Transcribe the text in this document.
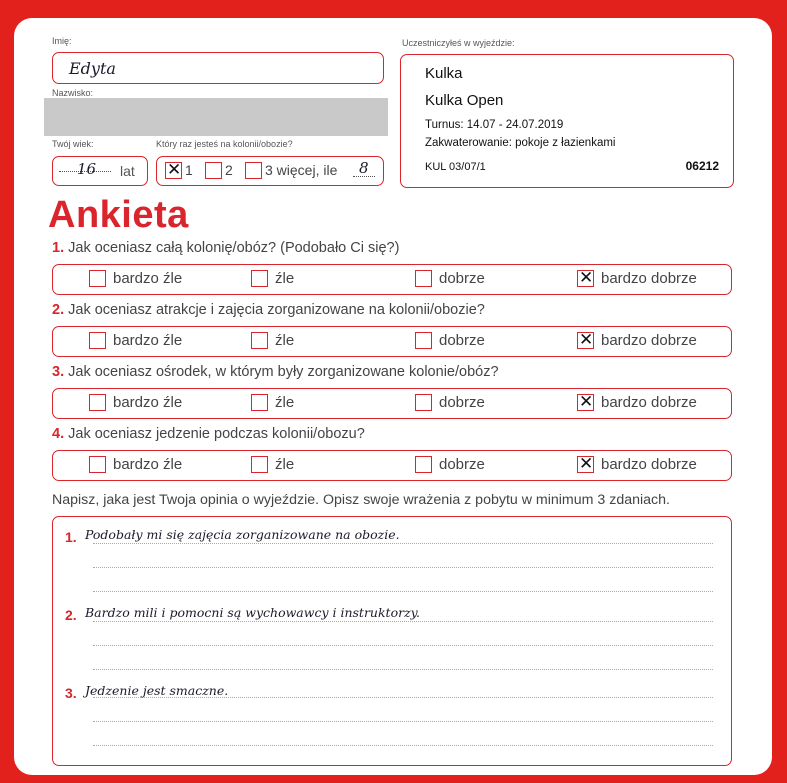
Imię:
Edyta
Nazwisko:
Twój wiek:
16 lat
Który raz jesteś na kolonii/obozie?
✕
1 2 3 więcej, ile 8
Uczestniczyłeś w wyjeździe:
Kulka
Kulka Open
Turnus: 14.07 - 24.07.2019
Zakwaterowanie: pokoje z łazienkami
KUL 03/07/1	06212
Ankieta
1. Jak oceniasz całą kolonię/obóz? (Podobało Ci się?)
bardzo źle	źle	dobrze ✕	bardzo dobrze
2. Jak oceniasz atrakcje i zajęcia zorganizowane na kolonii/obozie?
bardzo źle	źle	dobrze ✕	bardzo dobrze
3. Jak oceniasz ośrodek, w którym były zorganizowane kolonie/obóz?
bardzo źle	źle	dobrze ✕	bardzo dobrze
4. Jak oceniasz jedzenie podczas kolonii/obozu?
bardzo źle	źle	dobrze ✕	bardzo dobrze
Napisz, jaka jest Twoja opinia o wyjeździe. Opisz swoje wrażenia z pobytu w minimum 3 zdaniach.
1. Podobały mi się zajęcia zorganizowane na obozie.
2. Bardzo mili i pomocni są wychowawcy i instruktorzy.
3. Jedzenie jest smaczne.
